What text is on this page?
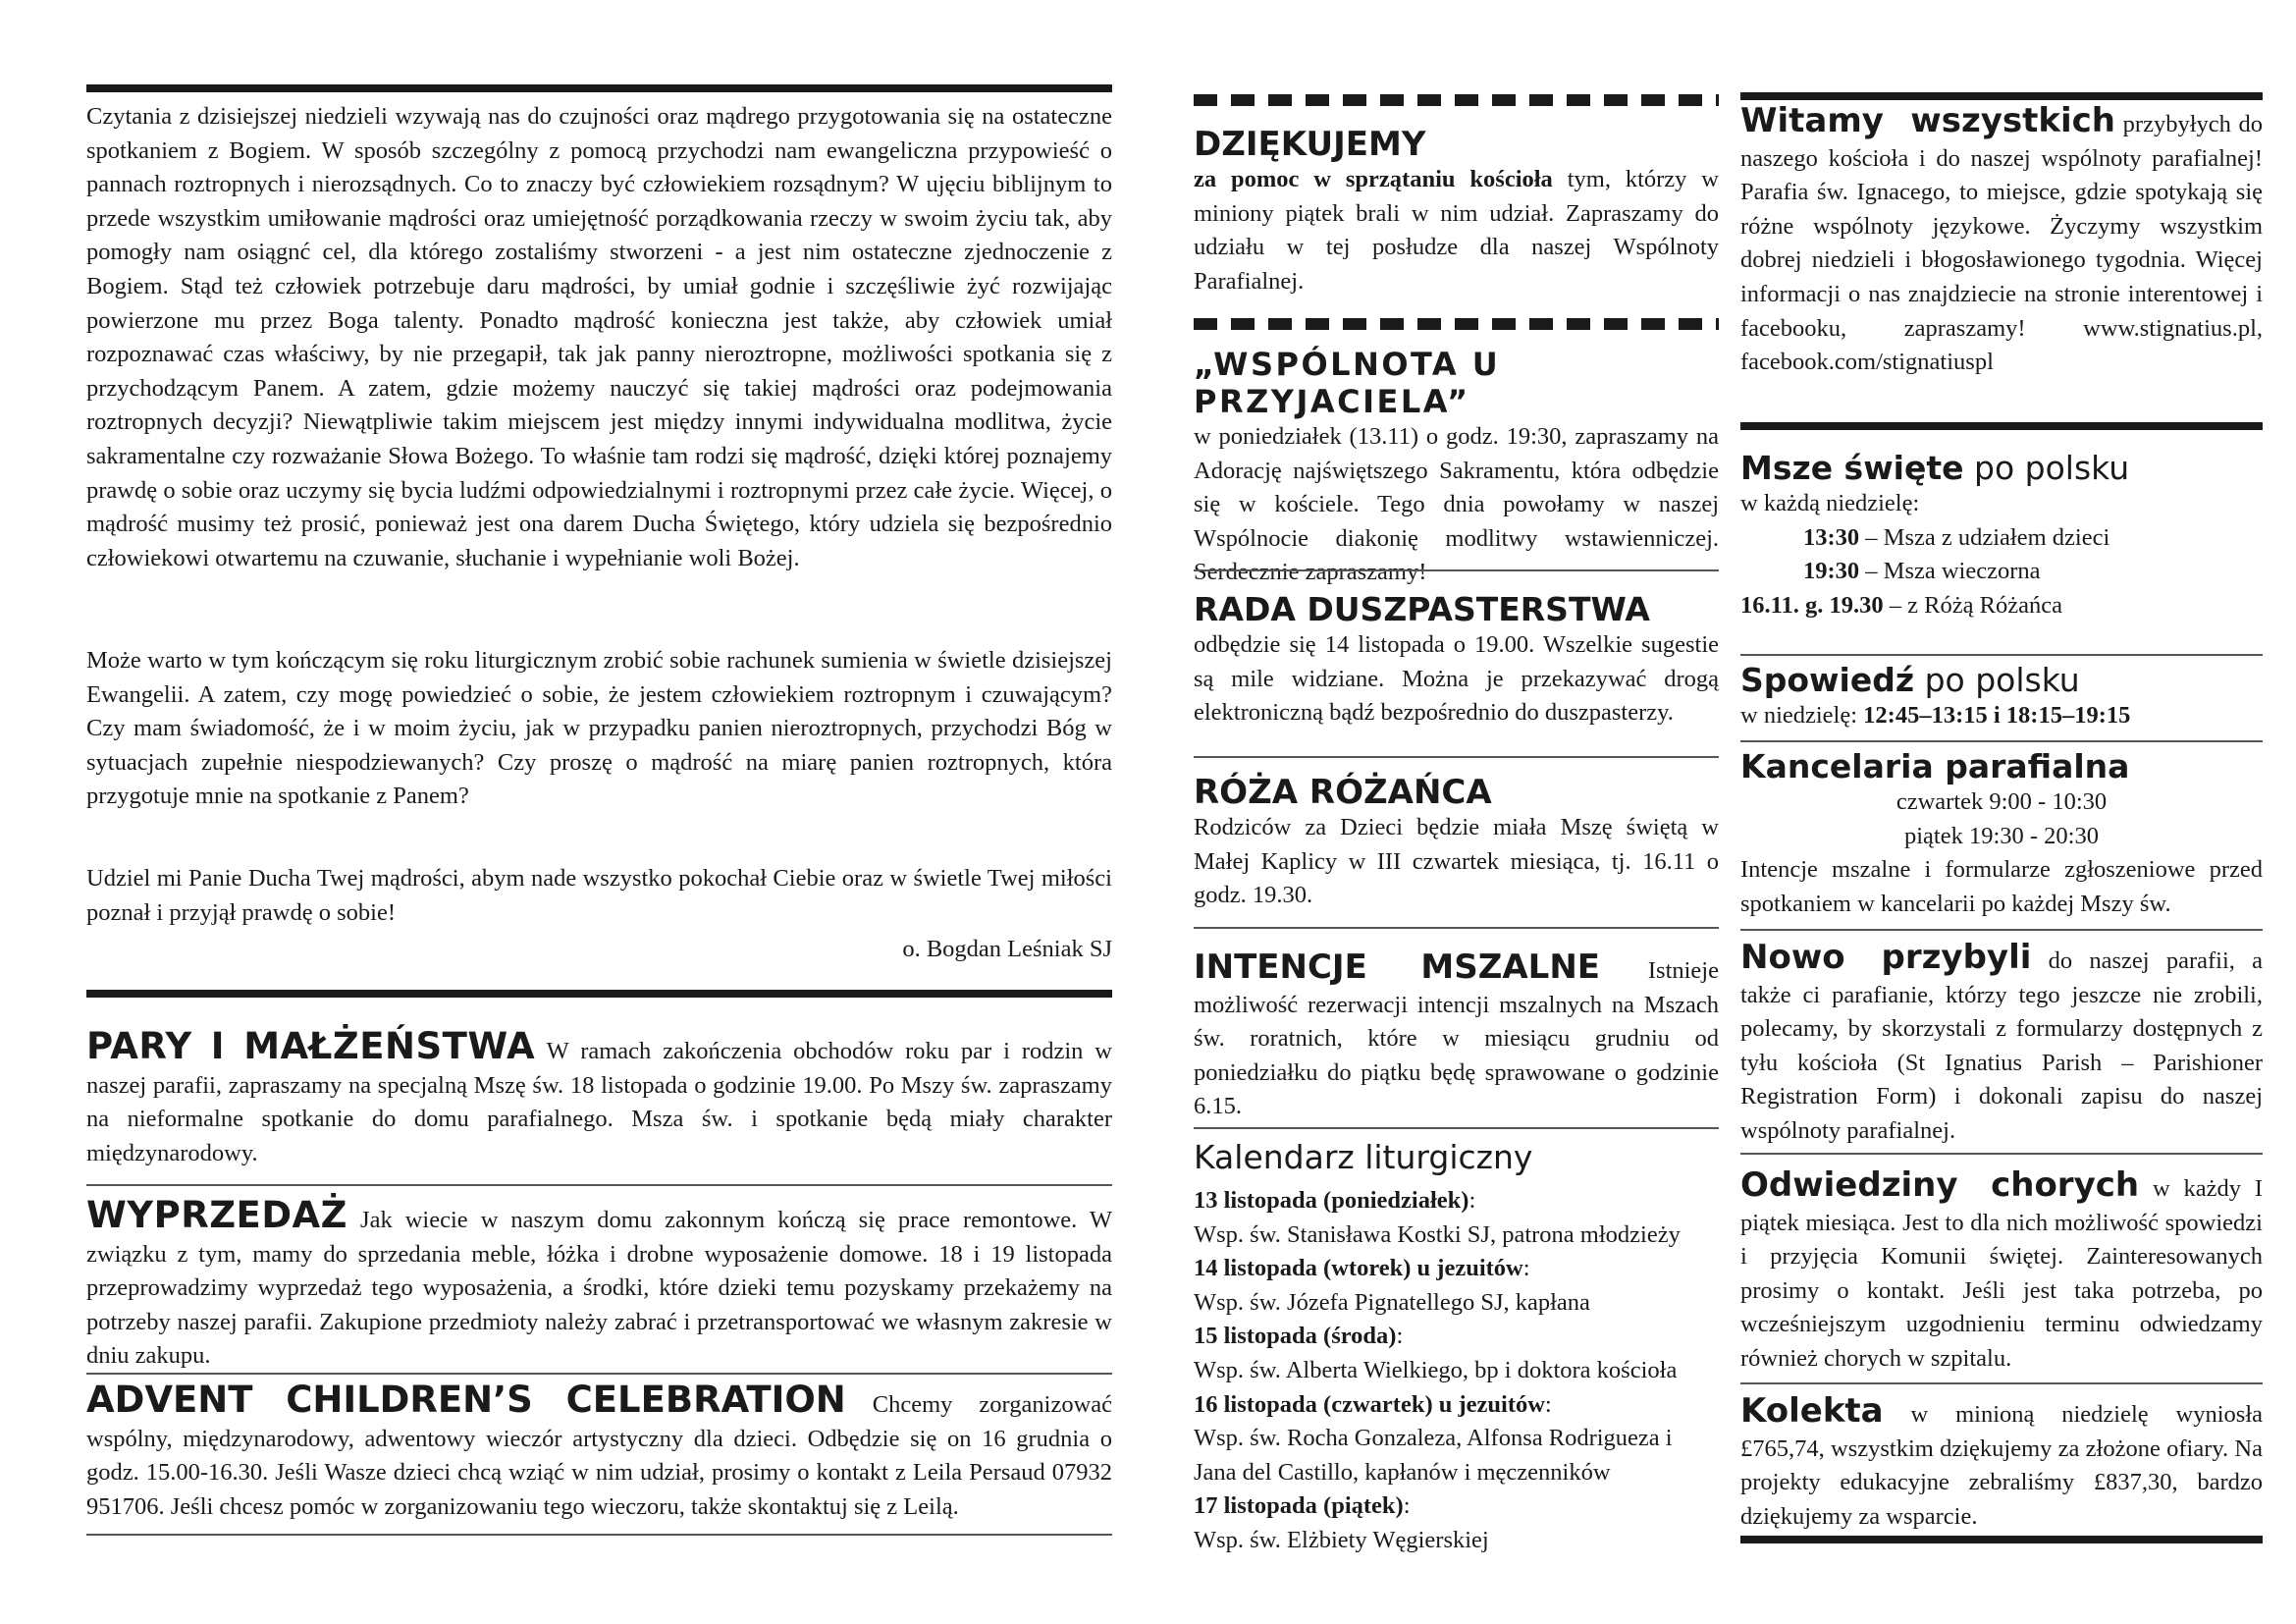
Czytania z dzisiejszej niedzieli wzywają nas do czujności oraz mądrego przygotowania się na ostateczne spotkaniem z Bogiem. W sposób szczególny z pomocą przychodzi nam ewangeliczna przypowieść o pannach roztropnych i nierozsądnych. Co to znaczy być człowiekiem rozsądnym? W ujęciu biblijnym to przede wszystkim umiłowanie mądrości oraz umiejętność porządkowania rzeczy w swoim życiu tak, aby pomogły nam osiągnć cel, dla którego zostaliśmy stworzeni - a jest nim ostateczne zjednoczenie z Bogiem. Stąd też człowiek potrzebuje daru mądrości, by umiał godnie i szczęśliwie żyć rozwijając powierzone mu przez Boga talenty. Ponadto mądrość konieczna jest także, aby człowiek umiał rozpoznawać czas właściwy, by nie przegapił, tak jak panny nieroztropne, możliwości spotkania się z przychodzącym Panem. A zatem, gdzie możemy nauczyć się takiej mądrości oraz podejmowania roztropnych decyzji? Niewątpliwie takim miejscem jest między innymi indywidualna modlitwa, życie sakramentalne czy rozważanie Słowa Bożego. To właśnie tam rodzi się mądrość, dzięki której poznajemy prawdę o sobie oraz uczymy się bycia ludźmi odpowiedzialnymi i roztropnymi przez całe życie. Więcej, o mądrość musimy też prosić, ponieważ jest ona darem Ducha Świętego, który udziela się bezpośrednio człowiekowi otwartemu na czuwanie, słuchanie i wypełnianie woli Bożej.
Może warto w tym kończącym się roku liturgicznym zrobić sobie rachunek sumienia w świetle dzisiejszej Ewangelii. A zatem, czy mogę powiedzieć o sobie, że jestem człowiekiem roztropnym i czuwającym? Czy mam świadomość, że i w moim życiu, jak w przypadku panien nieroztropnych, przychodzi Bóg w sytuacjach zupełnie niespodziewanych? Czy proszę o mądrość na miarę panien roztropnych, która przygotuje mnie na spotkanie z Panem?
Udziel mi Panie Ducha Twej mądrości, abym nade wszystko pokochał Ciebie oraz w świetle Twej miłości poznał i przyjął prawdę o sobie!
o. Bogdan Leśniak SJ
PARY I MAŁŻEŃSTWA W ramach zakończenia obchodów roku par i rodzin w naszej parafii, zapraszamy na specjalną Mszę św. 18 listopada o godzinie 19.00. Po Mszy św. zapraszamy na nieformalne spotkanie do domu parafialnego. Msza św. i spotkanie będą miały charakter międzynarodowy.
WYPRZEDAŻ Jak wiecie w naszym domu zakonnym kończą się prace remontowe. W związku z tym, mamy do sprzedania meble, łóżka i drobne wyposażenie domowe. 18 i 19 listopada przeprowadzimy wyprzedaż tego wyposażenia, a środki, które dzieki temu pozyskamy przekażemy na potrzeby naszej parafii. Zakupione przedmioty należy zabrać i przetransportować we własnym zakresie w dniu zakupu.
ADVENT CHILDREN’S CELEBRATION Chcemy zorganizować wspólny, międzynarodowy, adwentowy wieczór artystyczny dla dzieci. Odbędzie się on 16 grudnia o godz. 15.00-16.30. Jeśli Wasze dzieci chcą wziąć w nim udział, prosimy o kontakt z Leila Persaud 07932 951706. Jeśli chcesz pomóc w zorganizowaniu tego wieczoru, także skontaktuj się z Leilą.
DZIĘKUJEMY
za pomoc w sprzątaniu kościoła tym, którzy w miniony piątek brali w nim udział. Zapraszamy do udziału w tej posłudze dla naszej Wspólnoty Parafialnej.
„WSPÓLNOTA U PRZYJACIELA”
w poniedziałek (13.11) o godz. 19:30, zapraszamy na Adorację najświętszego Sakramentu, która odbędzie się w kościele. Tego dnia powołamy w naszej Wspólnocie diakonię modlitwy wstawienniczej. Serdecznie zapraszamy!
RADA DUSZPASTERSTWA
odbędzie się 14 listopada o 19.00. Wszelkie sugestie są mile widziane. Można je przekazywać drogą elektroniczną bądź bezpośrednio do duszpasterzy.
RÓŻA RÓŻAŃCA
Rodziców za Dzieci będzie miała Mszę świętą w Małej Kaplicy w III czwartek miesiąca, tj. 16.11 o godz. 19.30.
INTENCJE MSZALNE Istnieje możliwość rezerwacji intencji mszalnych na Mszach św. roratnich, które w miesiącu grudniu od poniedziałku do piątku będę sprawowane o godzinie 6.15.
Kalendarz liturgiczny
13 listopada (poniedziałek):
Wsp. św. Stanisława Kostki SJ, patrona młodzieży
14 listopada (wtorek) u jezuitów:
Wsp. św. Józefa Pignatellego SJ, kapłana
15 listopada (środa):
Wsp. św. Alberta Wielkiego, bp i doktora kościoła
16 listopada (czwartek) u jezuitów:
Wsp. św. Rocha Gonzaleza, Alfonsa Rodrigueza i Jana del Castillo, kapłanów i męczenników
17 listopada (piątek):
Wsp. św. Elżbiety Węgierskiej
Witamy wszystkich przybyłych do naszego kościoła i do naszej wspólnoty parafialnej! Parafia św. Ignacego, to miejsce, gdzie spotykają się różne wspólnoty językowe. Życzymy wszystkim dobrej niedzieli i błogosławionego tygodnia. Więcej informacji o nas znajdziecie na stronie interentowej i facebooku, zapraszamy! www.stignatius.pl, facebook.com/stignatiuspl
Msze święte po polsku
w każdą niedzielę:
13:30 – Msza z udziałem dzieci
19:30 – Msza wieczorna
16.11. g. 19.30 – z Różą Różańca
Spowiedź po polsku
w niedzielę: 12:45–13:15 i 18:15–19:15
Kancelaria parafialna
czwartek 9:00 - 10:30
piątek 19:30 - 20:30
Intencje mszalne i formularze zgłoszeniowe przed spotkaniem w kancelarii po każdej Mszy św.
Nowo przybyli do naszej parafii, a także ci parafianie, którzy tego jeszcze nie zrobili, polecamy, by skorzystali z formularzy dostępnych z tyłu kościoła (St Ignatius Parish – Parishioner Registration Form) i dokonali zapisu do naszej wspólnoty parafialnej.
Odwiedziny chorych w każdy I piątek miesiąca. Jest to dla nich możliwość spowiedzi i przyjęcia Komunii świętej. Zainteresowanych prosimy o kontakt. Jeśli jest taka potrzeba, po wcześniejszym uzgodnieniu terminu odwiedzamy również chorych w szpitalu.
Kolekta w minioną niedzielę wyniosła £765,74, wszystkim dziękujemy za złożone ofiary. Na projekty edukacyjne zebraliśmy £837,30, bardzo dziękujemy za wsparcie.
